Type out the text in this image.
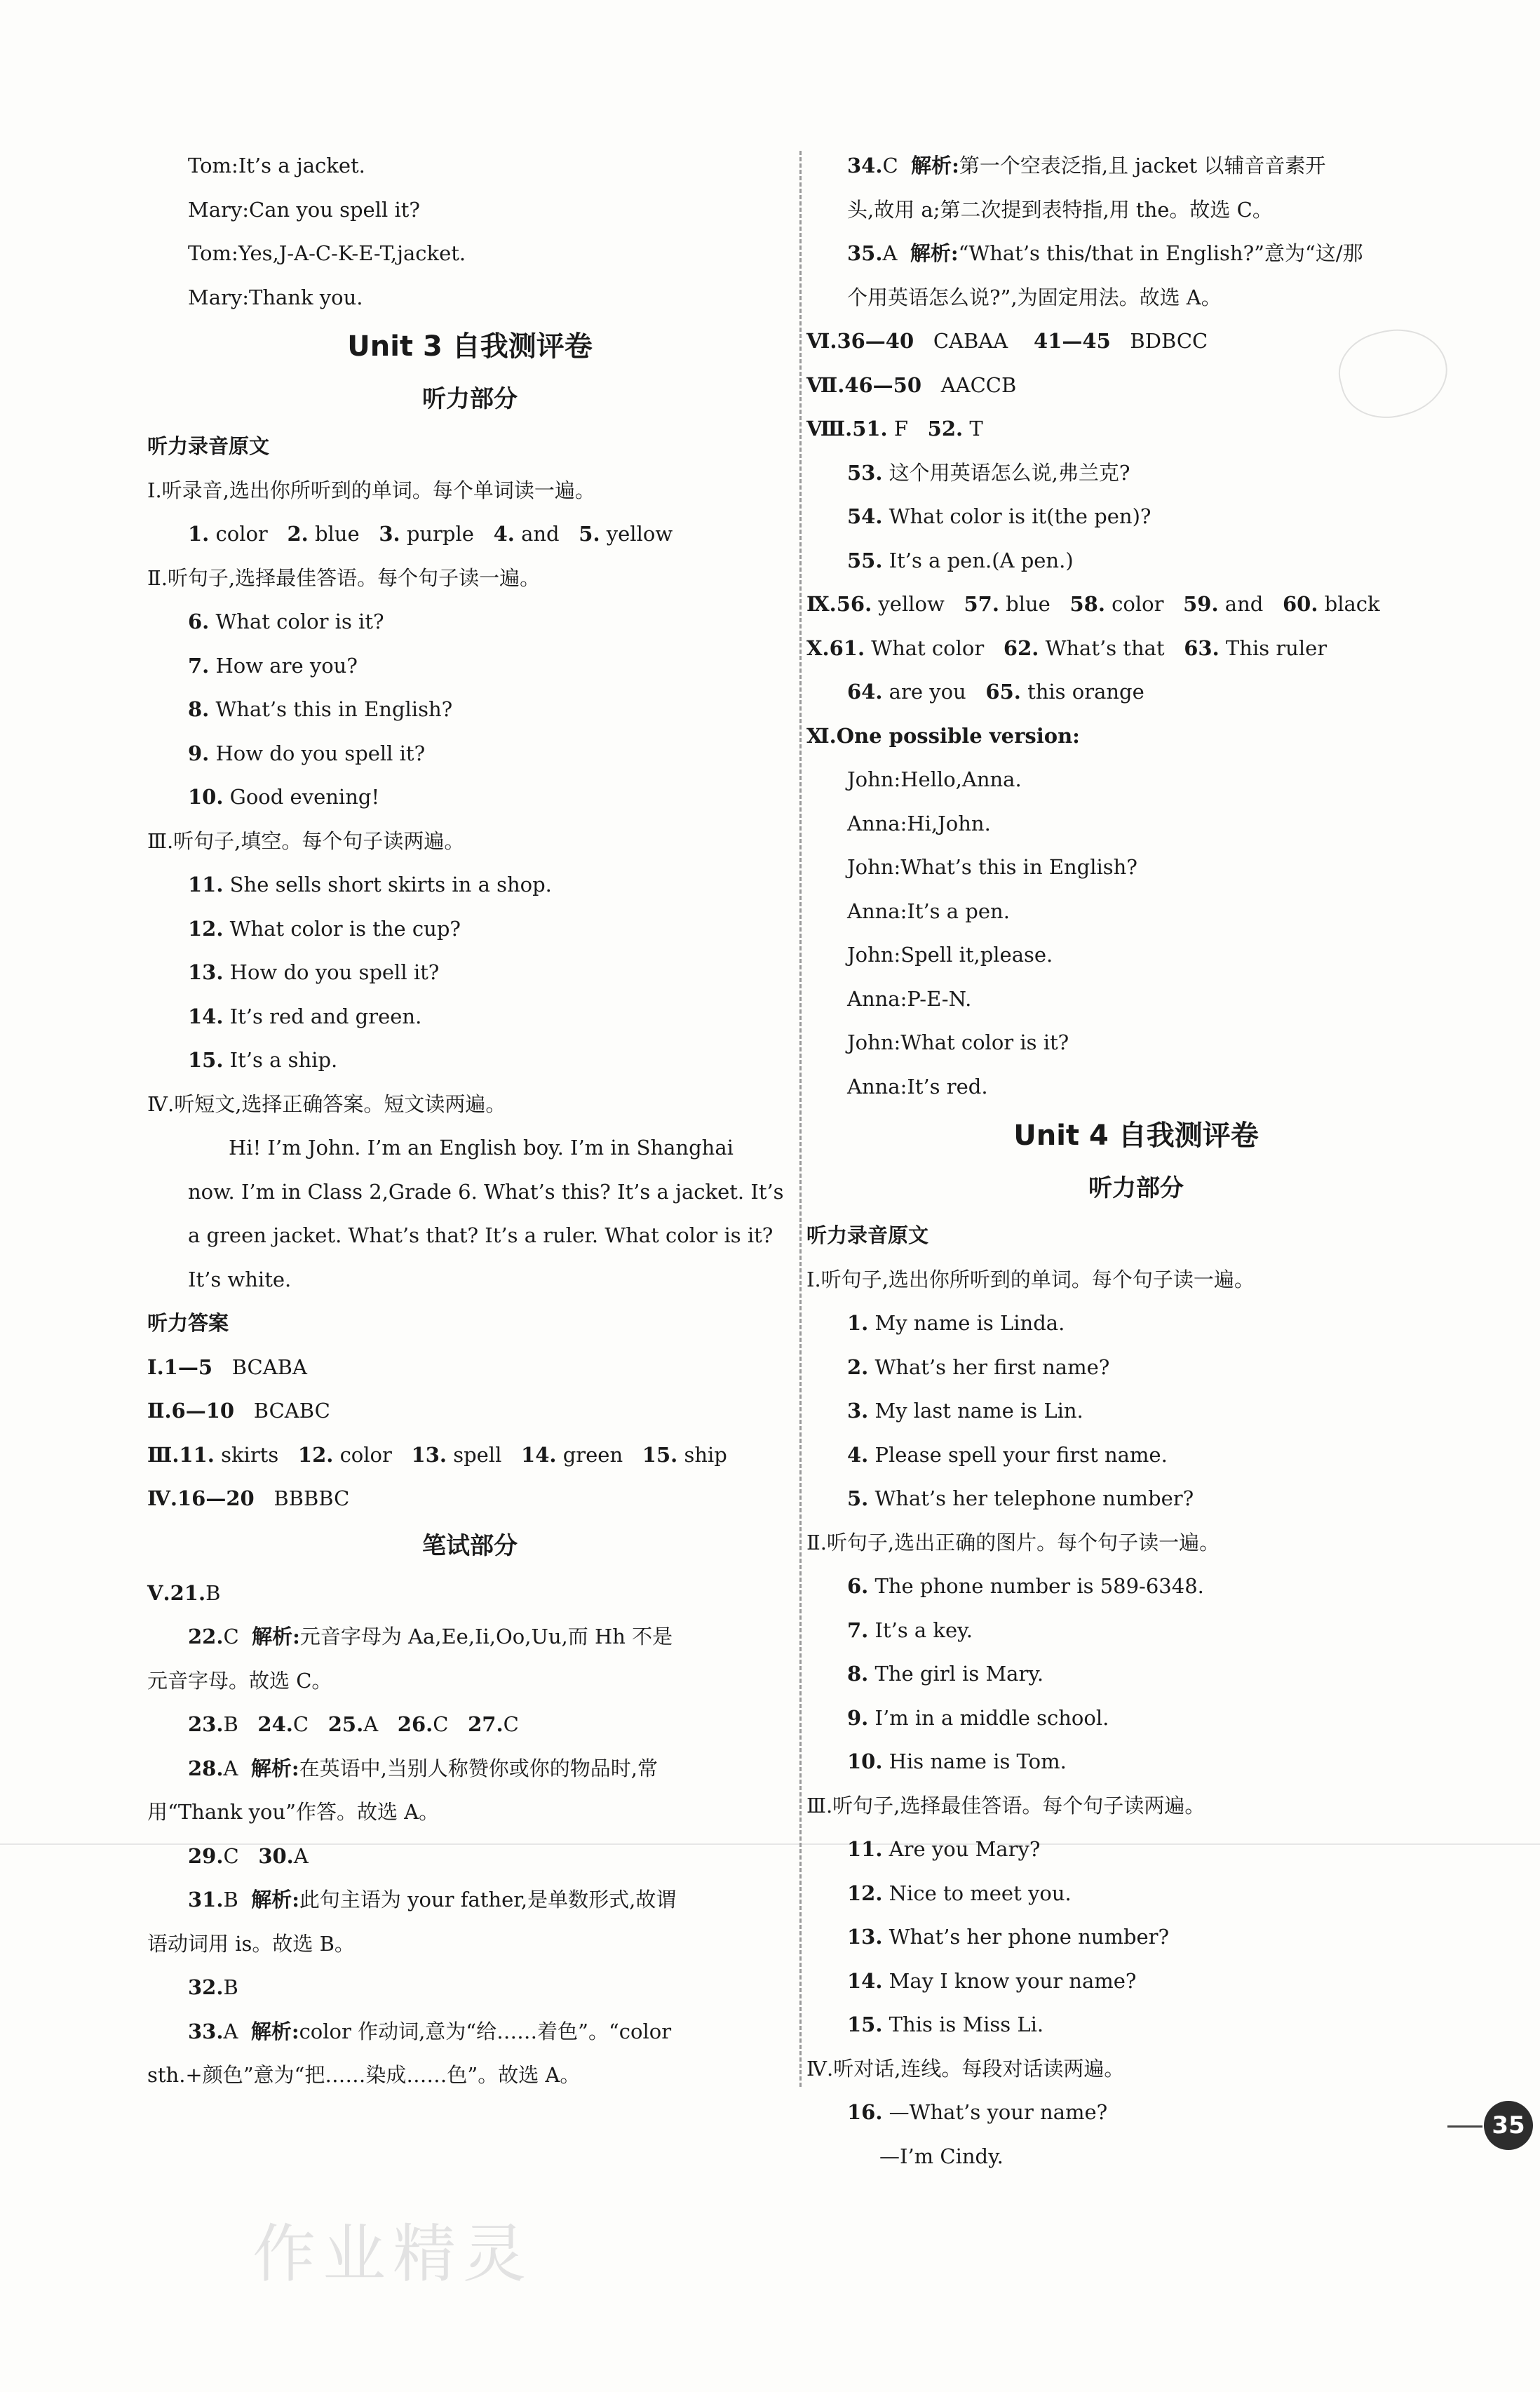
Tom:It’s a jacket.
Mary:Can you spell it?
Tom:Yes,J-A-C-K-E-T,jacket.
Mary:Thank you.
Unit 3 自我测评卷
听力部分
听力录音原文
Ⅰ.听录音,选出你所听到的单词。每个单词读一遍。
1. color 2. blue 3. purple 4. and 5. yellow
Ⅱ.听句子,选择最佳答语。每个句子读一遍。
6. What color is it?
7. How are you?
8. What’s this in English?
9. How do you spell it?
10. Good evening!
Ⅲ.听句子,填空。每个句子读两遍。
11. She sells short skirts in a shop.
12. What color is the cup?
13. How do you spell it?
14. It’s red and green.
15. It’s a ship.
Ⅳ.听短文,选择正确答案。短文读两遍。
Hi! I’m John. I’m an English boy. I’m in Shanghai
now. I’m in Class 2,Grade 6. What’s this? It’s a jacket. It’s
a green jacket. What’s that? It’s a ruler. What color is it?
It’s white.
听力答案
Ⅰ.1—5 BCABA
Ⅱ.6—10 BCABC
Ⅲ.11. skirts 12. color 13. spell 14. green 15. ship
Ⅳ.16—20 BBBBC
笔试部分
Ⅴ.21.B
22.C 解析:元音字母为 Aa,Ee,Ii,Oo,Uu,而 Hh 不是
元音字母。故选 C。
23.B 24.C 25.A 26.C 27.C
28.A 解析:在英语中,当别人称赞你或你的物品时,常
用“Thank you”作答。故选 A。
29.C 30.A
31.B 解析:此句主语为 your father,是单数形式,故谓
语动词用 is。故选 B。
32.B
33.A 解析:color 作动词,意为“给……着色”。“color
sth.+颜色”意为“把……染成……色”。故选 A。
34.C 解析:第一个空表泛指,且 jacket 以辅音音素开
头,故用 a;第二次提到表特指,用 the。故选 C。
35.A 解析:“What’s this/that in English?”意为“这/那
个用英语怎么说?”,为固定用法。故选 A。
Ⅵ.36—40 CABAA 41—45 BDBCC
Ⅶ.46—50 AACCB
Ⅷ.51. F 52. T
53. 这个用英语怎么说,弗兰克?
54. What color is it(the pen)?
55. It’s a pen.(A pen.)
Ⅸ.56. yellow 57. blue 58. color 59. and 60. black
Ⅹ.61. What color 62. What’s that 63. This ruler
64. are you 65. this orange
Ⅺ.One possible version:
John:Hello,Anna.
Anna:Hi,John.
John:What’s this in English?
Anna:It’s a pen.
John:Spell it,please.
Anna:P-E-N.
John:What color is it?
Anna:It’s red.
Unit 4 自我测评卷
听力部分
听力录音原文
Ⅰ.听句子,选出你所听到的单词。每个句子读一遍。
1. My name is Linda.
2. What’s her first name?
3. My last name is Lin.
4. Please spell your first name.
5. What’s her telephone number?
Ⅱ.听句子,选出正确的图片。每个句子读一遍。
6. The phone number is 589-6348.
7. It’s a key.
8. The girl is Mary.
9. I’m in a middle school.
10. His name is Tom.
Ⅲ.听句子,选择最佳答语。每个句子读两遍。
11. Are you Mary?
12. Nice to meet you.
13. What’s her phone number?
14. May I know your name?
15. This is Miss Li.
Ⅳ.听对话,连线。每段对话读两遍。
16. —What’s your name?
—I’m Cindy.
35
作业精灵
